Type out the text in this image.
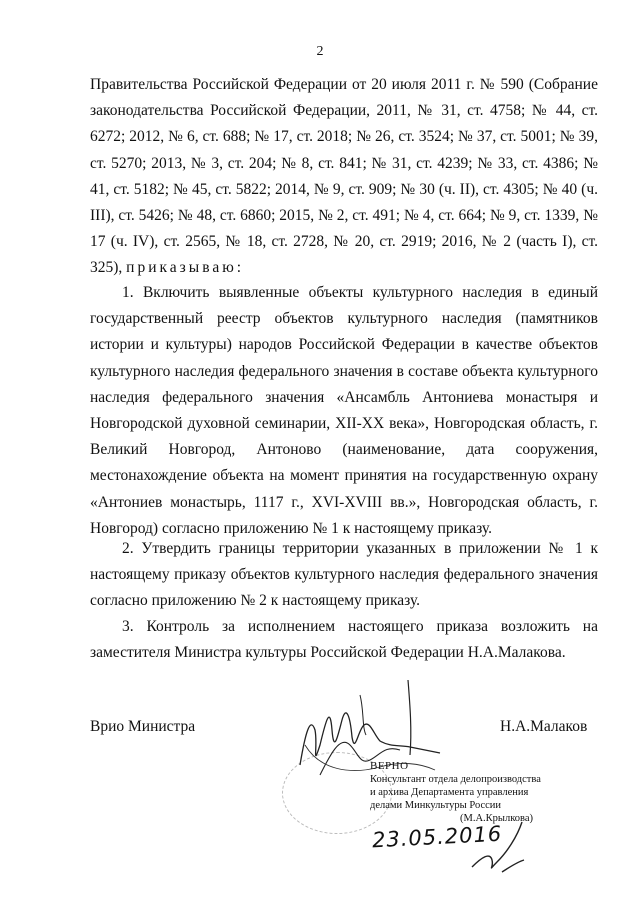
2
Правительства Российской Федерации от 20 июля 2011 г. № 590 (Собрание законодательства Российской Федерации, 2011, № 31, ст. 4758; № 44, ст. 6272; 2012, № 6, ст. 688; № 17, ст. 2018; № 26, ст. 3524; № 37, ст. 5001; № 39, ст. 5270; 2013, № 3, ст. 204; № 8, ст. 841; № 31, ст. 4239; № 33, ст. 4386; № 41, ст. 5182; № 45, ст. 5822; 2014, № 9, ст. 909; № 30 (ч. II), ст. 4305; № 40 (ч. III), ст. 5426; № 48, ст. 6860; 2015, № 2, ст. 491; № 4, ст. 664; № 9, ст. 1339, № 17 (ч. IV), ст. 2565, № 18, ст. 2728, № 20, ст. 2919; 2016, № 2 (часть I), ст. 325), приказываю:
1. Включить выявленные объекты культурного наследия в единый государственный реестр объектов культурного наследия (памятников истории и культуры) народов Российской Федерации в качестве объектов культурного наследия федерального значения в составе объекта культурного наследия федерального значения «Ансамбль Антониева монастыря и Новгородской духовной семинарии, XII-XX века», Новгородская область, г. Великий Новгород, Антоново (наименование, дата сооружения, местонахождение объекта на момент принятия на государственную охрану «Антониев монастырь, 1117 г., XVI-XVIII вв.», Новгородская область, г. Новгород) согласно приложению № 1 к настоящему приказу.
2. Утвердить границы территории указанных в приложении № 1 к настоящему приказу объектов культурного наследия федерального значения согласно приложению № 2 к настоящему приказу.
3. Контроль за исполнением настоящего приказа возложить на заместителя Министра культуры Российской Федерации Н.А.Малакова.
Врио Министра	Н.А.Малаков
ВЕРНО
Консультант отдела делопроизводства
и архива Департамента управления
делами Минкультуры России
(М.А.Крылкова)
23.05.2016
